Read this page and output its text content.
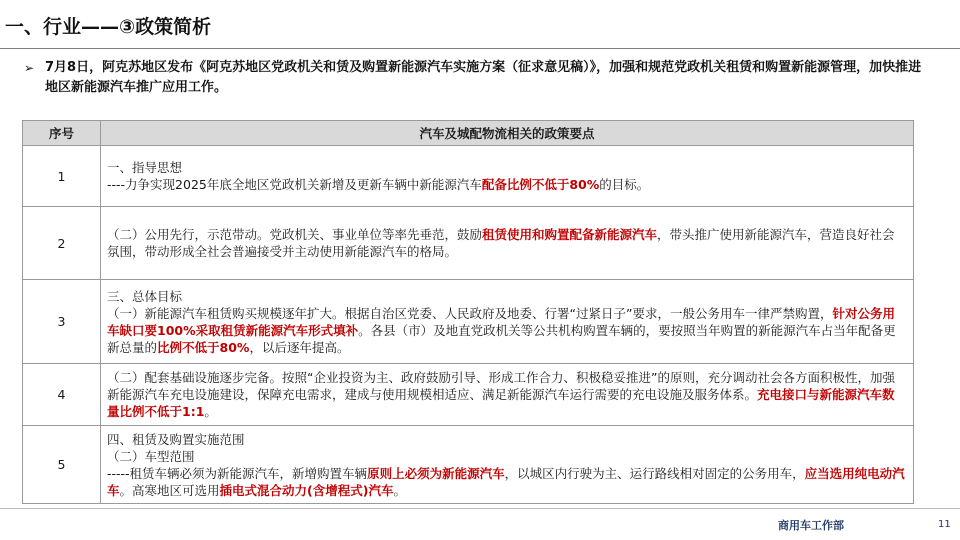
一、行业——③政策简析
➢ 7月8日，阿克苏地区发布《阿克苏地区党政机关和赁及购置新能源汽车实施方案（征求意见稿）》，加强和规范党政机关租赁和购置新能源管理，加快推进地区新能源汽车推广应用工作。
序号	汽车及城配物流相关的政策要点
1	一、指导思想
----力争实现2025年底全地区党政机关新增及更新车辆中新能源汽车配备比例不低于80%的目标。

2	（二）公用先行，示范带动。党政机关、事业单位等率先垂范，鼓励租赁使用和购置配备新能源汽车，带头推广使用新能源汽车，营造良好社会氛围，带动形成全社会普遍接受并主动使用新能源汽车的格局。

3	三、总体目标
（一）新能源汽车租赁购买规模逐年扩大。根据自治区党委、人民政府及地委、行署“过紧日子”要求，一般公务用车一律严禁购置，针对公务用车缺口要100%采取租赁新能源汽车形式填补。各县（市）及地直党政机关等公共机构购置车辆的，要按照当年购置的新能源汽车占当年配备更新总量的比例不低于80%，以后逐年提高。

4	（二）配套基础设施逐步完备。按照“企业投资为主、政府鼓励引导、形成工作合力、积极稳妥推进”的原则，充分调动社会各方面积极性，加强新能源汽车充电设施建设，保障充电需求，建成与使用规模相适应、满足新能源汽车运行需要的充电设施及服务体系。充电接口与新能源汽车数量比例不低于1:1。

5	四、租赁及购置实施范围
（二）车型范围
-----租赁车辆必须为新能源汽车，新增购置车辆原则上必须为新能源汽车，以城区内行驶为主、运行路线相对固定的公务用车，应当选用纯电动汽车。高寒地区可选用插电式混合动力(含增程式)汽车。
商用车工作部	11
